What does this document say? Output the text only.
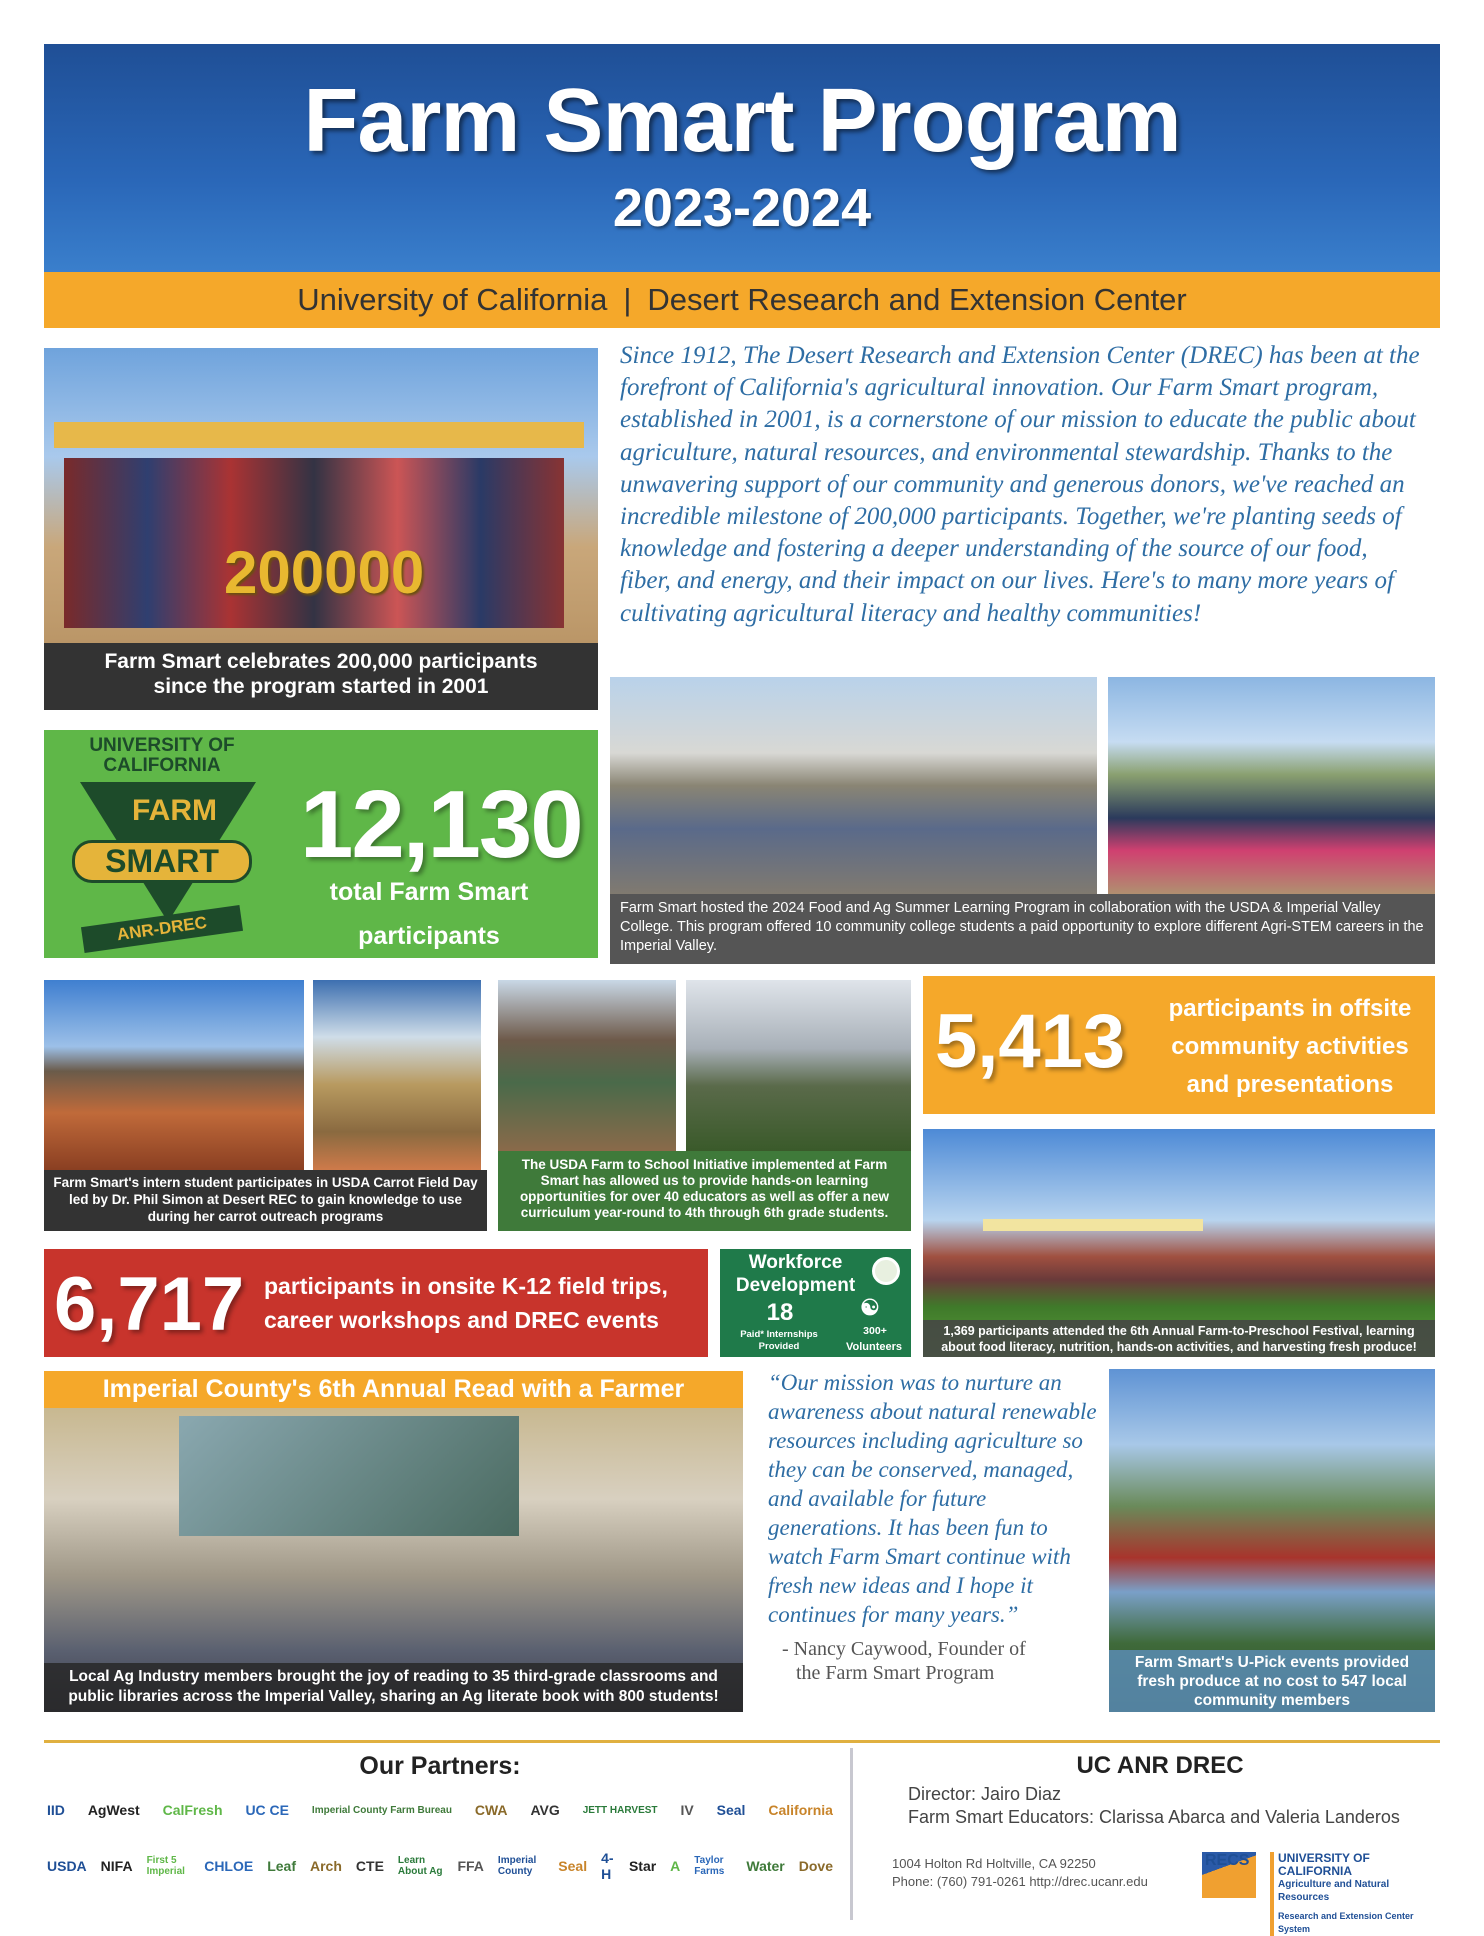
Farm Smart Program
2023-2024
University of California | Desert Research and Extension Center
200000
Farm Smart celebrates 200,000 participants
since the program started in 2001
Since 1912, The Desert Research and Extension Center (DREC) has been at the forefront of California's agricultural innovation. Our Farm Smart program, established in 2001, is a cornerstone of our mission to educate the public about agriculture, natural resources, and environmental stewardship. Thanks to the unwavering support of our community and generous donors, we've reached an incredible milestone of 200,000 participants. Together, we're planting seeds of knowledge and fostering a deeper understanding of the source of our food, fiber, and energy, and their impact on our lives. Here's to many more years of cultivating agricultural literacy and healthy communities!
UNIVERSITY OF CALIFORNIA
FARM
SMART
ANR-DREC
12,130
total Farm Smart
participants
Farm Smart hosted the 2024 Food and Ag Summer Learning Program in collaboration with the USDA & Imperial Valley College. This program offered 10 community college students a paid opportunity to explore different Agri-STEM careers in the Imperial Valley.
Farm Smart's intern student participates in USDA Carrot Field Day led by Dr. Phil Simon at Desert REC to gain knowledge to use during her carrot outreach programs
The USDA Farm to School Initiative implemented at Farm Smart has allowed us to provide hands-on learning opportunities for over 40 educators as well as offer a new curriculum year-round to 4th through 6th grade students.
5,413	participants in offsite
community activities
and presentations
1,369 participants attended the 6th Annual Farm-to-Preschool Festival, learning about food literacy, nutrition, hands-on activities, and harvesting fresh produce!
6,717 participants in onsite K-12 field trips,
career workshops and DREC events
Workforce
Development
18
Paid* Internships
Provided
☯
300+
Volunteers
Imperial County's 6th Annual Read with a Farmer
Local Ag Industry members brought the joy of reading to 35 third-grade classrooms and public libraries across the Imperial Valley, sharing an Ag literate book with 800 students!
“Our mission was to nurture an awareness about natural renewable resources including agriculture so they can be conserved, managed, and available for future generations. It has been fun to watch Farm Smart continue with fresh new ideas and I hope it continues for many years.”
- Nancy Caywood, Founder of
the Farm Smart Program	Farm Smart's U-Pick events provided fresh produce at no cost to 547 local community members
Our Partners:
IID AgWest CalFresh UC CE	Imperial County Farm Bureau CWA AVG	JETT HARVEST IV Seal California
USDA NIFA	First 5 Imperial	CHLOE Leaf Arch CTE	Learn About Ag	FFA	Imperial County	Seal 4-H	Star A	Taylor Farms	Water Dove
UC ANR DREC
Director: Jairo Diaz
Farm Smart Educators: Clarissa Abarca and Valeria Landeros
1004 Holton Rd Holtville, CA 92250
Phone: (760) 791-0261 http://drec.ucanr.edu
RECS	UNIVERSITY OF CALIFORNIA
Agriculture and Natural Resources
Research and Extension Center System
